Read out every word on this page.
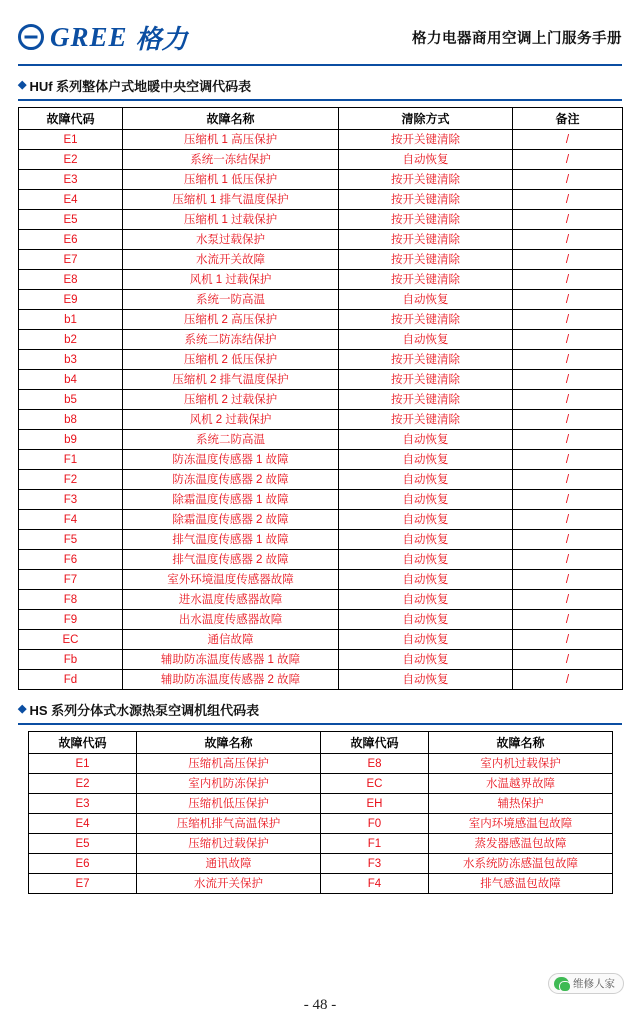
GREE 格力	格力电器商用空调上门服务手册
◆ HUf 系列整体户式地暖中央空调代码表
故障代码	故障名称	清除方式	备注
E1	压缩机 1 高压保护	按开关键清除	/
E2	系统一冻结保护	自动恢复	/
E3	压缩机 1 低压保护	按开关键清除	/
E4	压缩机 1 排气温度保护	按开关键清除	/
E5	压缩机 1 过载保护	按开关键清除	/
E6	水泵过载保护	按开关键清除	/
E7	水流开关故障	按开关键清除	/
E8	风机 1 过载保护	按开关键清除	/
E9	系统一防高温	自动恢复	/
b1	压缩机 2 高压保护	按开关键清除	/
b2	系统二防冻结保护	自动恢复	/
b3	压缩机 2 低压保护	按开关键清除	/
b4	压缩机 2 排气温度保护	按开关键清除	/
b5	压缩机 2 过载保护	按开关键清除	/
b8	风机 2 过载保护	按开关键清除	/
b9	系统二防高温	自动恢复	/
F1	防冻温度传感器 1 故障	自动恢复	/
F2	防冻温度传感器 2 故障	自动恢复	/
F3	除霜温度传感器 1 故障	自动恢复	/
F4	除霜温度传感器 2 故障	自动恢复	/
F5	排气温度传感器 1 故障	自动恢复	/
F6	排气温度传感器 2 故障	自动恢复	/
F7	室外环境温度传感器故障	自动恢复	/
F8	进水温度传感器故障	自动恢复	/
F9	出水温度传感器故障	自动恢复	/
EC	通信故障	自动恢复	/
Fb	辅助防冻温度传感器 1 故障	自动恢复	/
Fd	辅助防冻温度传感器 2 故障	自动恢复	/
◆ HS 系列分体式水源热泵空调机组代码表
故障代码	故障名称	故障代码	故障名称
E1	压缩机高压保护	E8	室内机过载保护
E2	室内机防冻保护	EC	水温越界故障
E3	压缩机低压保护	EH	辅热保护
E4	压缩机排气高温保护	F0	室内环境感温包故障
E5	压缩机过载保护	F1	蒸发器感温包故障
E6	通讯故障	F3	水系统防冻感温包故障
E7	水流开关保护	F4	排气感温包故障
维修人家
- 48 -
